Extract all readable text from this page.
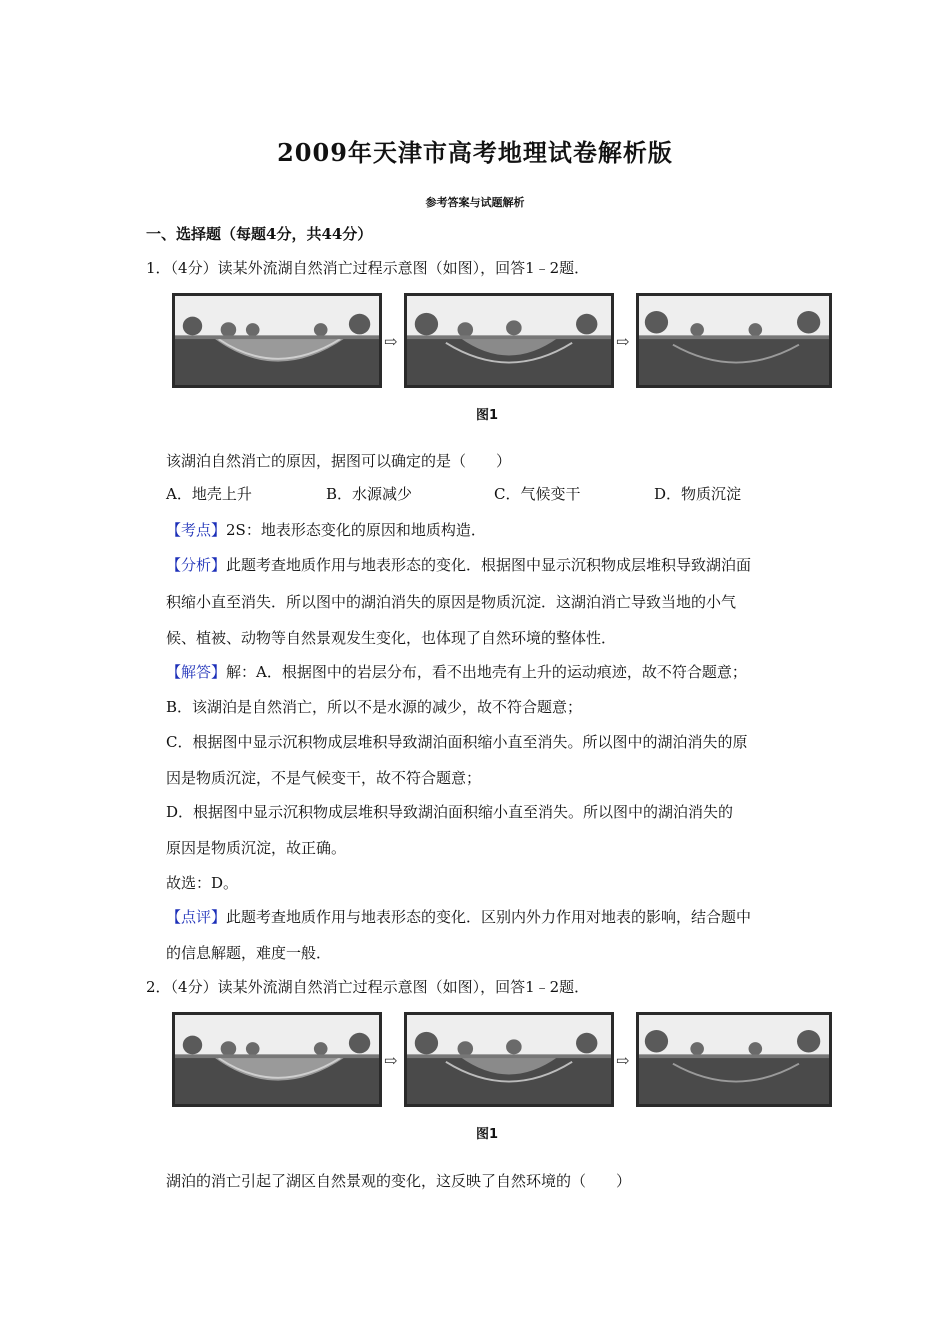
2009年天津市高考地理试卷解析版
参考答案与试题解析
一、选择题（每题4分，共44分）
1．（4分）读某外流湖自然消亡过程示意图（如图），回答1﹣2题．
⇨	⇨
图1
该湖泊自然消亡的原因，据图可以确定的是（　　）
A．地壳上升	B．水源减少	C．气候变干	D．物质沉淀
【考点】2S：地表形态变化的原因和地质构造．
【分析】此题考查地质作用与地表形态的变化．根据图中显示沉积物成层堆积导致湖泊面
积缩小直至消失．所以图中的湖泊消失的原因是物质沉淀．这湖泊消亡导致当地的小气
候、植被、动物等自然景观发生变化，也体现了自然环境的整体性．
【解答】解：A．根据图中的岩层分布，看不出地壳有上升的运动痕迹，故不符合题意；
B．该湖泊是自然消亡，所以不是水源的减少，故不符合题意；
C．根据图中显示沉积物成层堆积导致湖泊面积缩小直至消失。所以图中的湖泊消失的原
因是物质沉淀，不是气候变干，故不符合题意；
D．根据图中显示沉积物成层堆积导致湖泊面积缩小直至消失。所以图中的湖泊消失的
原因是物质沉淀，故正确。
故选：D。
【点评】此题考查地质作用与地表形态的变化．区别内外力作用对地表的影响，结合题中
的信息解题，难度一般．
2．（4分）读某外流湖自然消亡过程示意图（如图），回答1﹣2题．
⇨	⇨
图1
湖泊的消亡引起了湖区自然景观的变化，这反映了自然环境的（　　）
